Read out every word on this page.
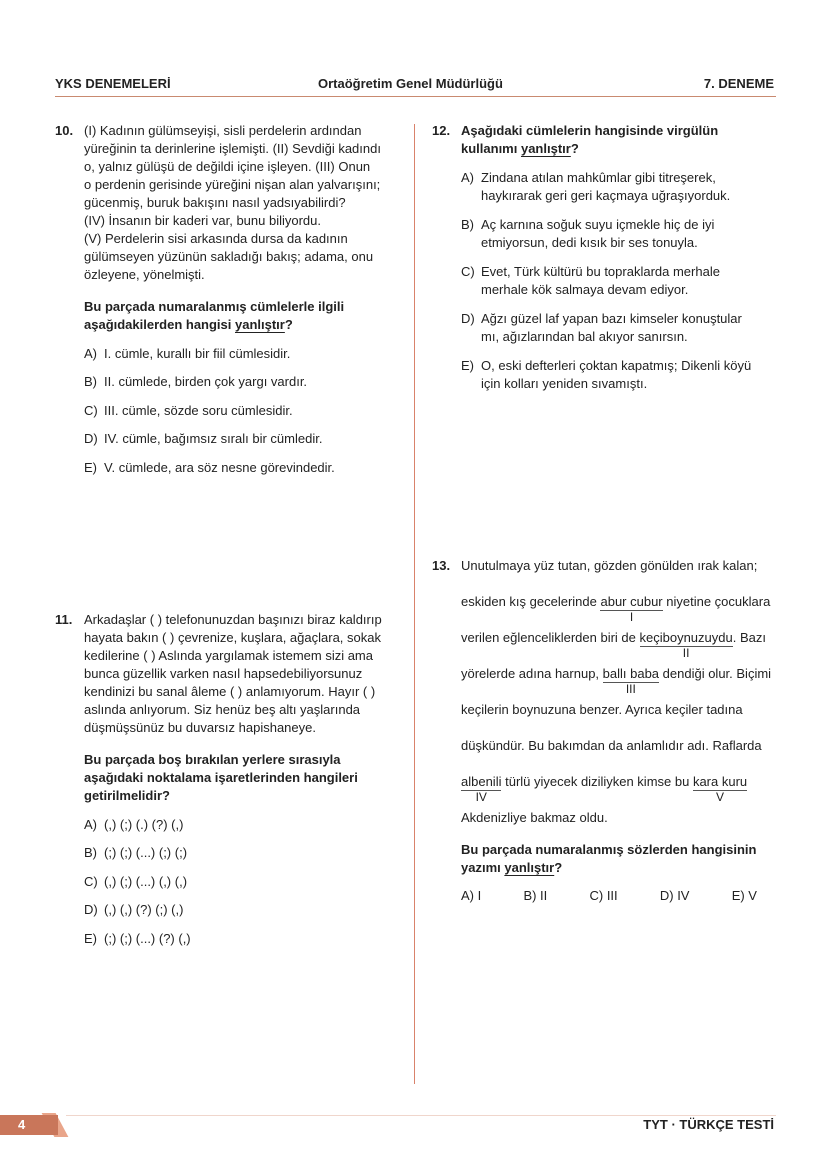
YKS DENEMELERİ	Ortaöğretim Genel Müdürlüğü	7. DENEME
10. (I) Kadının gülümseyişi, sisli perdelerin ardından
yüreğinin ta derinlerine işlemişti. (II) Sevdiği kadındı
o, yalnız gülüşü de değildi içine işleyen. (III) Onun
o perdenin gerisinde yüreğini nişan alan yalvarışını;
gücenmiş, buruk bakışını nasıl yadsıyabilirdi?
(IV) İnsanın bir kaderi var, bunu biliyordu.
(V) Perdelerin sisi arkasında dursa da kadının
gülümseyen yüzünün sakladığı bakış; adama, onu
özleyene, yönelmişti.
Bu parçada numaralanmış cümlelerle ilgili
aşağıdakilerden hangisi yanlıştır?
A) I. cümle, kurallı bir fiil cümlesidir.
B) II. cümlede, birden çok yargı vardır.
C) III. cümle, sözde soru cümlesidir.
D) IV. cümle, bağımsız sıralı bir cümledir.
E) V. cümlede, ara söz nesne görevindedir.
11. Arkadaşlar ( ) telefonunuzdan başınızı biraz kaldırıp
hayata bakın ( ) çevrenize, kuşlara, ağaçlara, sokak
kedilerine ( ) Aslında yargılamak istemem sizi ama
bunca güzellik varken nasıl hapsedebiliyorsunuz
kendinizi bu sanal âleme ( ) anlamıyorum. Hayır ( )
aslında anlıyorum. Siz henüz beş altı yaşlarında
düşmüşsünüz bu duvarsız hapishaneye.
Bu parçada boş bırakılan yerlere sırasıyla
aşağıdaki noktalama işaretlerinden hangileri
getirilmelidir?
A) (,) (;) (.) (?) (,)
B) (;) (;) (...) (;) (;)
C) (,) (;) (...) (,) (,)
D) (,) (,) (?) (;) (,)
E) (;) (;) (...) (?) (,)
12. Aşağıdaki cümlelerin hangisinde virgülün
kullanımı yanlıştır?
A) Zindana atılan mahkûmlar gibi titreşerek,
haykırarak geri geri kaçmaya uğraşıyorduk.
B) Aç karnına soğuk suyu içmekle hiç de iyi
etmiyorsun, dedi kısık bir ses tonuyla.
C) Evet, Türk kültürü bu topraklarda merhale
merhale kök salmaya devam ediyor.
D) Ağzı güzel laf yapan bazı kimseler konuştular
mı, ağızlarından bal akıyor sanırsın.
E) O, eski defterleri çoktan kapatmış; Dikenli köyü
için kolları yeniden sıvamıştı.
13. Unutulmaya yüz tutan, gözden gönülden ırak kalan;
eskiden kış gecelerinde abur cubur
I
niyetine çocuklara
verilen eğlenceliklerden biri de keçiboynuzuydu
II
. Bazı
yörelerde adına harnup, ballı baba
III
dendiği olur. Biçimi
keçilerin boynuzuna benzer. Ayrıca keçiler tadına
düşkündür. Bu bakımdan da anlamlıdır adı. Raflarda
albenili
IV
türlü yiyecek diziliyken kimse bu kara kuru
V
Akdenizliye bakmaz oldu.
Bu parçada numaralanmış sözlerden hangisinin
yazımı yanlıştır?
A) I	B) II	C) III	D) IV	E) V
4	TYT · TÜRKÇE TESTİ
